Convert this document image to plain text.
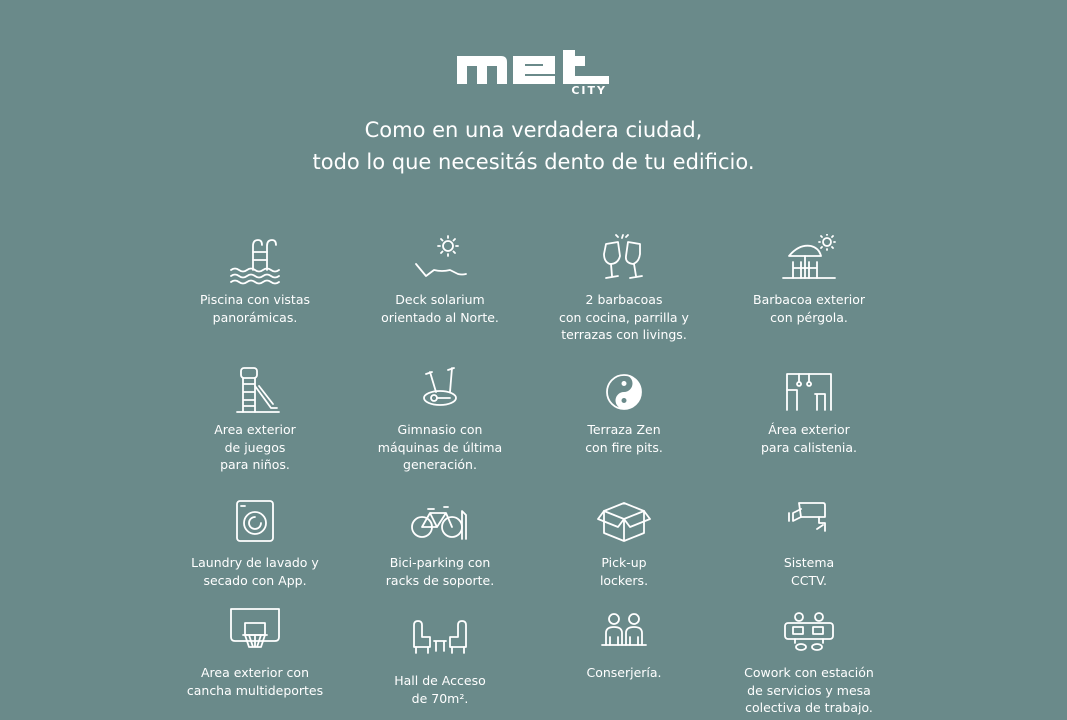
CITY
Como en una verdadera ciudad,
todo lo que necesitás dento de tu edificio.
Piscina con vistas
panorámicas.
Deck solarium
orientado al Norte.
2 barbacoas
con cocina, parrilla y
terrazas con livings.
Barbacoa exterior
con pérgola.
Area exterior
de juegos
para niños.
Gimnasio con
máquinas de última
generación.
Terraza Zen
con fire pits.
Área exterior
para calistenia.
Laundry de lavado y
secado con App.
Bici-parking con
racks de soporte.
Pick-up
lockers.
Sistema
CCTV.
Area exterior con
cancha multideportes
Hall de Acceso
de 70m².
Conserjería.	Cowork con estación
de servicios y mesa
colectiva de trabajo.
